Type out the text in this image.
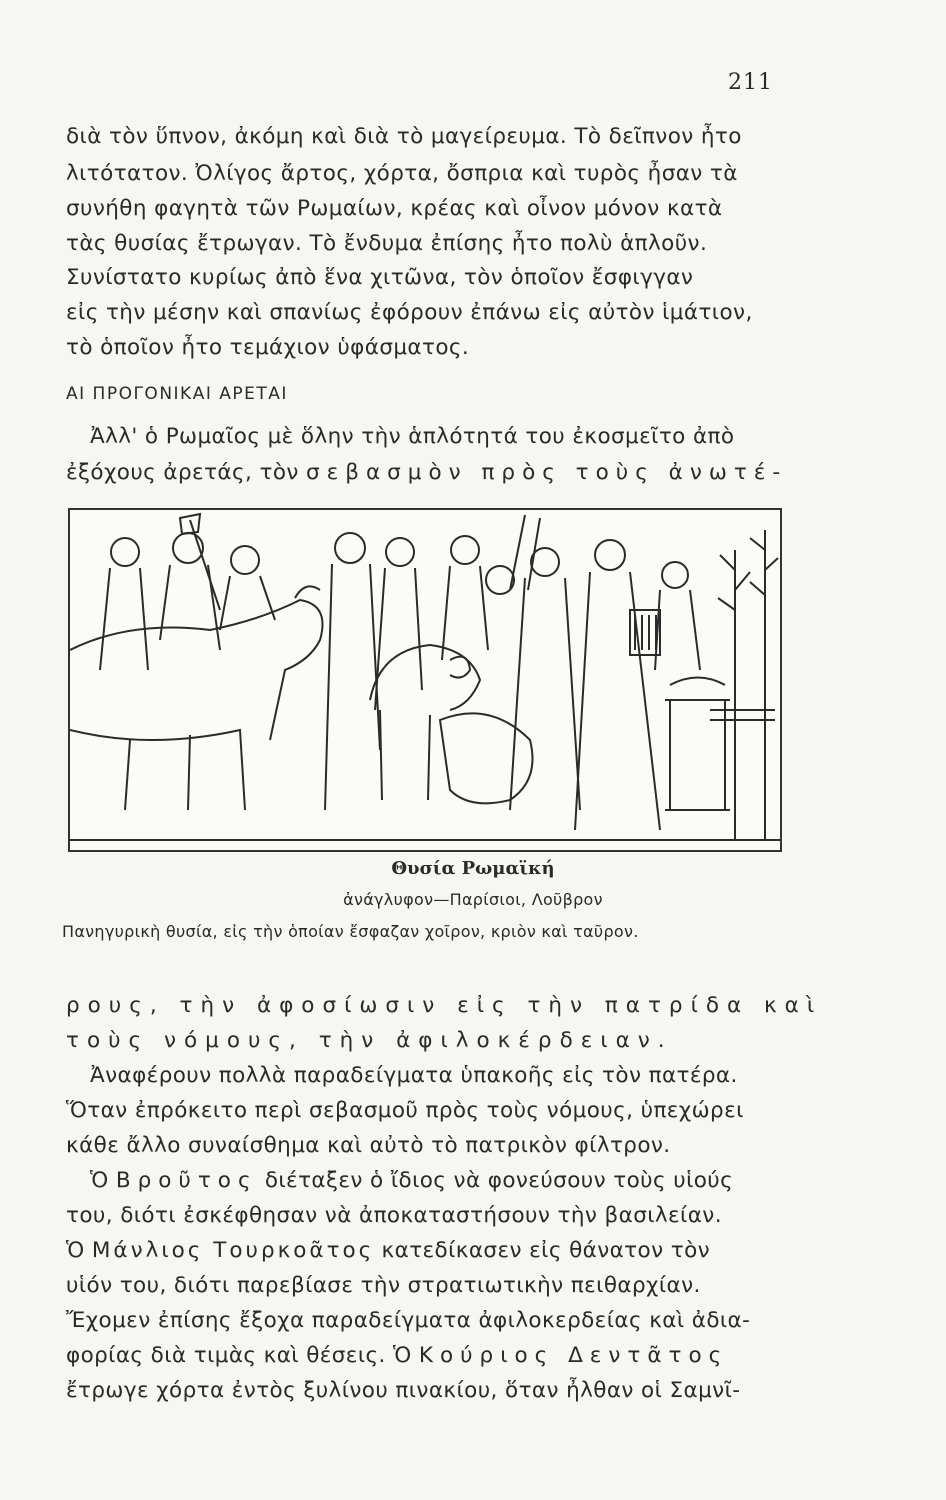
211
διὰ τὸν ὕπνον, ἀκόμη καὶ διὰ τὸ μαγείρευμα. Τὸ δεῖπνον ἦτο
λιτότατον. Ὀλίγος ἄρτος, χόρτα, ὄσπρια καὶ τυρὸς ἦσαν τὰ
συνήθη φαγητὰ τῶν Ρωμαίων, κρέας καὶ οἶνον μόνον κατὰ
τὰς θυσίας ἔτρωγαν. Τὸ ἔνδυμα ἐπίσης ἦτο πολὺ ἁπλοῦν.
Συνίστατο κυρίως ἀπὸ ἕνα χιτῶνα, τὸν ὁποῖον ἔσφιγγαν
εἰς τὴν μέσην καὶ σπανίως ἐφόρουν ἐπάνω εἰς αὐτὸν ἱμάτιον,
τὸ ὁποῖον ἦτο τεμάχιον ὑφάσματος.
ΑΙ ΠΡΟΓΟΝΙΚΑΙ ΑΡΕΤΑΙ
Ἀλλ' ὁ Ρωμαῖος μὲ ὅλην τὴν ἁπλότητά του ἐκοσμεῖτο ἀπὸ
ἐξόχους ἀρετάς, τὸν σεβασμὸν πρὸς τοὺς ἀνωτέ-
Θυσία Ρωμαϊκή
ἀνάγλυφον—Παρίσιοι, Λοῦβρον
Πανηγυρικὴ θυσία, εἰς τὴν ὁποίαν ἔσφαζαν χοῖρον, κριὸν καὶ ταῦρον.
ρους, τὴν ἀφοσίωσιν εἰς τὴν πατρίδα καὶ
τοὺς νόμους, τὴν ἀφιλοκέρδειαν.
Ἀναφέρουν πολλὰ παραδείγματα ὑπακοῆς εἰς τὸν πατέρα.
Ὅταν ἐπρόκειτο περὶ σεβασμοῦ πρὸς τοὺς νόμους, ὑπεχώρει
κάθε ἄλλο συναίσθημα καὶ αὐτὸ τὸ πατρικὸν φίλτρον.
Ὁ Βροῦτος διέταξεν ὁ ἴδιος νὰ φονεύσουν τοὺς υἱούς
του, διότι ἐσκέφθησαν νὰ ἀποκαταστήσουν τὴν βασιλείαν.
Ὁ Μάνλιος Τουρκοᾶτος κατεδίκασεν εἰς θάνατον τὸν
υἱόν του, διότι παρεβίασε τὴν στρατιωτικὴν πειθαρχίαν.
Ἔχομεν ἐπίσης ἔξοχα παραδείγματα ἀφιλοκερδείας καὶ ἀδια-
φορίας διὰ τιμὰς καὶ θέσεις. Ὁ Κούριος Δεντᾶτος
ἔτρωγε χόρτα ἐντὸς ξυλίνου πινακίου, ὅταν ἦλθαν οἱ Σαμνῖ-
